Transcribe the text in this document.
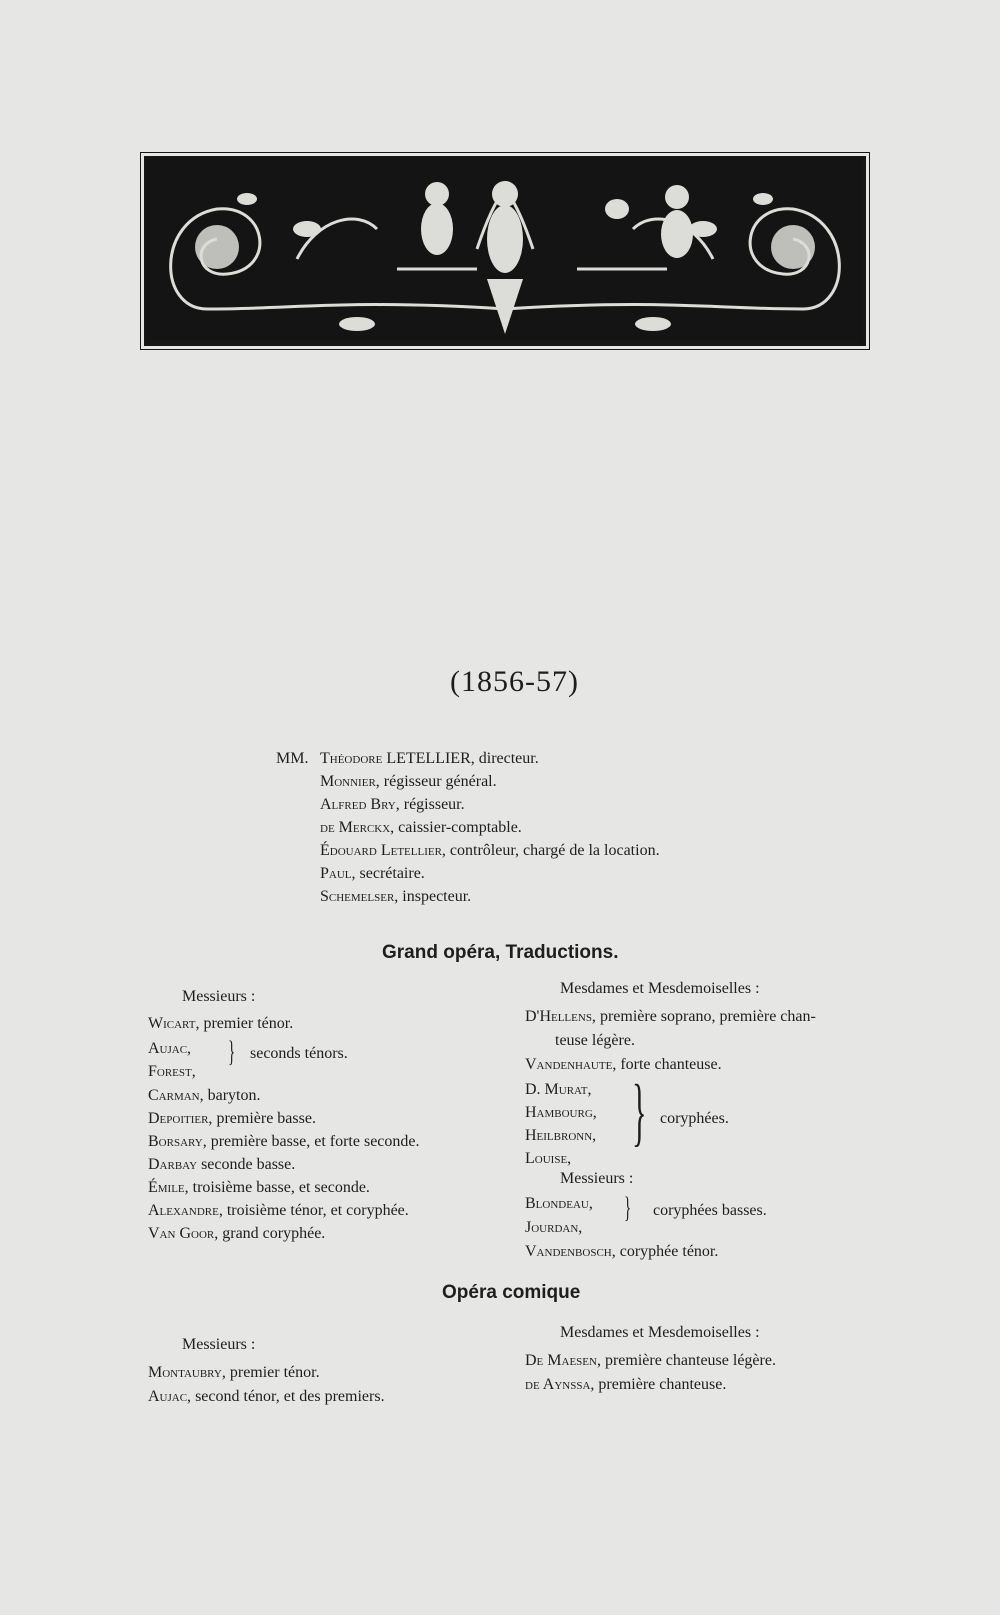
(1856-57)
MM. Théodore LETELLIER, directeur.
Monnier, régisseur général.
Alfred Bry, régisseur.
de Merckx, caissier-comptable.
Édouard Letellier, contrôleur, chargé de la location.
Paul, secrétaire.
Schemelser, inspecteur.
Grand opéra, Traductions.
Messieurs :
Wicart, premier ténor.
Aujac,
Forest,
} seconds ténors.
Carman, baryton.
Depoitier, première basse.
Borsary, première basse, et forte seconde.
Darbay seconde basse.
Émile, troisième basse, et seconde.
Alexandre, troisième ténor, et coryphée.
Van Goor, grand coryphée.
Mesdames et Mesdemoiselles :
D'Hellens, première soprano, première chan-
teuse légère.
Vandenhaute, forte chanteuse.
D. Murat,
Hambourg,
Heilbronn,
Louise,
} coryphées.
Messieurs :
Blondeau,
Jourdan,
} coryphées basses.
Vandenbosch, coryphée ténor.
Opéra comique
Messieurs :
Montaubry, premier ténor.
Aujac, second ténor, et des premiers.
Mesdames et Mesdemoiselles :
De Maesen, première chanteuse légère.
de Aynssa, première chanteuse.
